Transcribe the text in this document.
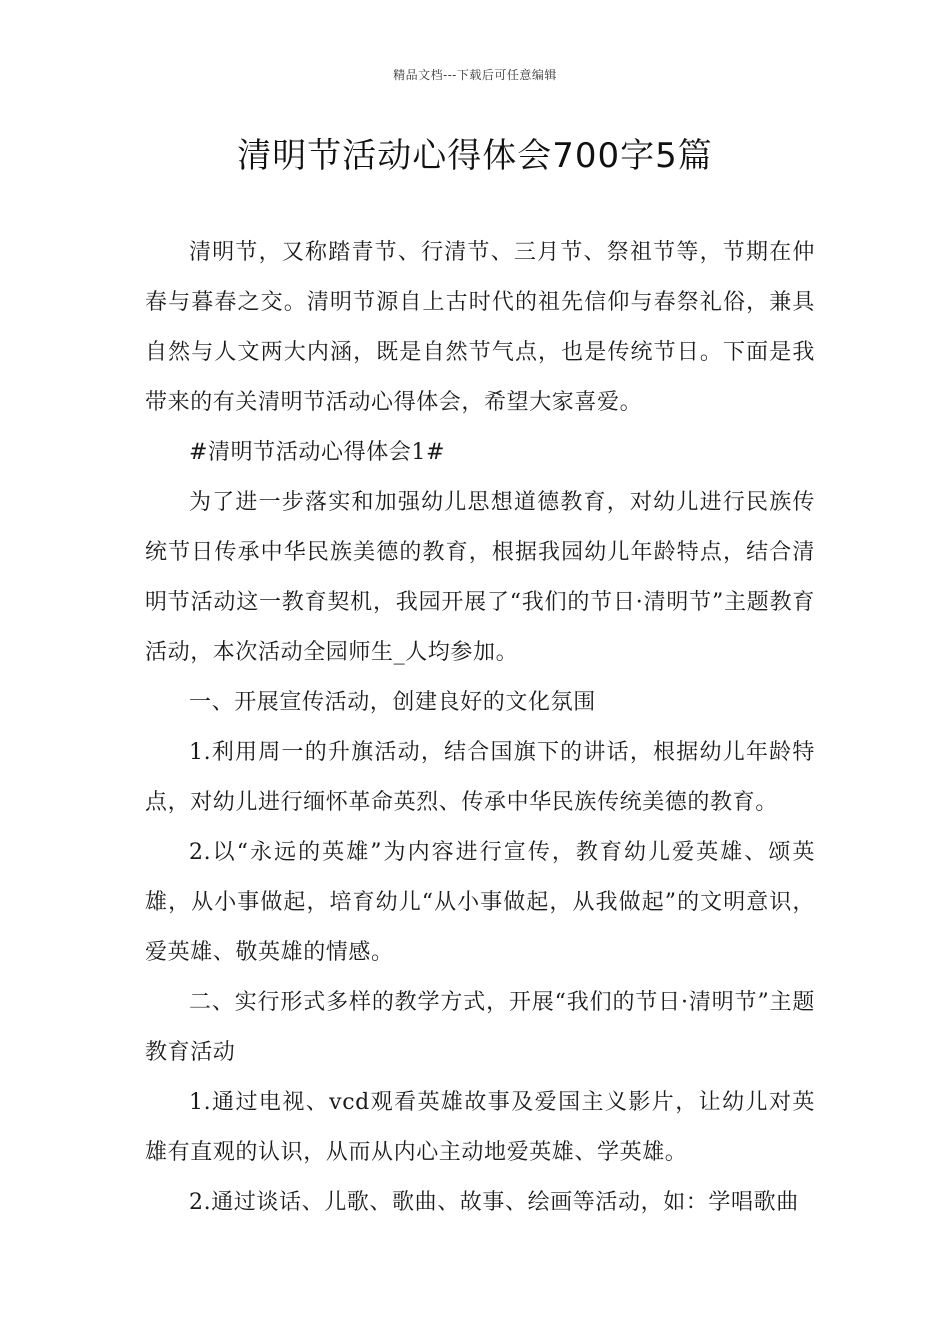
精品文档---下载后可任意编辑
清明节活动心得体会700字5篇

清明节，又称踏青节、行清节、三月节、祭祖节等，节期在仲春与暮春之交。清明节源自上古时代的祖先信仰与春祭礼俗，兼具自然与人文两大内涵，既是自然节气点，也是传统节日。下面是我带来的有关清明节活动心得体会，希望大家喜爱。

#清明节活动心得体会1#

为了进一步落实和加强幼儿思想道德教育，对幼儿进行民族传统节日传承中华民族美德的教育，根据我园幼儿年龄特点，结合清明节活动这一教育契机，我园开展了“我们的节日·清明节”主题教育活动，本次活动全园师生_人均参加。

一、开展宣传活动，创建良好的文化氛围

1.利用周一的升旗活动，结合国旗下的讲话，根据幼儿年龄特点，对幼儿进行缅怀革命英烈、传承中华民族传统美德的教育。

2.以“永远的英雄”为内容进行宣传，教育幼儿爱英雄、颂英雄，从小事做起，培育幼儿“从小事做起，从我做起”的文明意识，爱英雄、敬英雄的情感。

二、实行形式多样的教学方式，开展“我们的节日·清明节”主题教育活动

1.通过电视、vcd观看英雄故事及爱国主义影片，让幼儿对英雄有直观的认识，从而从内心主动地爱英雄、学英雄。

2.通过谈话、儿歌、歌曲、故事、绘画等活动，如：学唱歌曲
